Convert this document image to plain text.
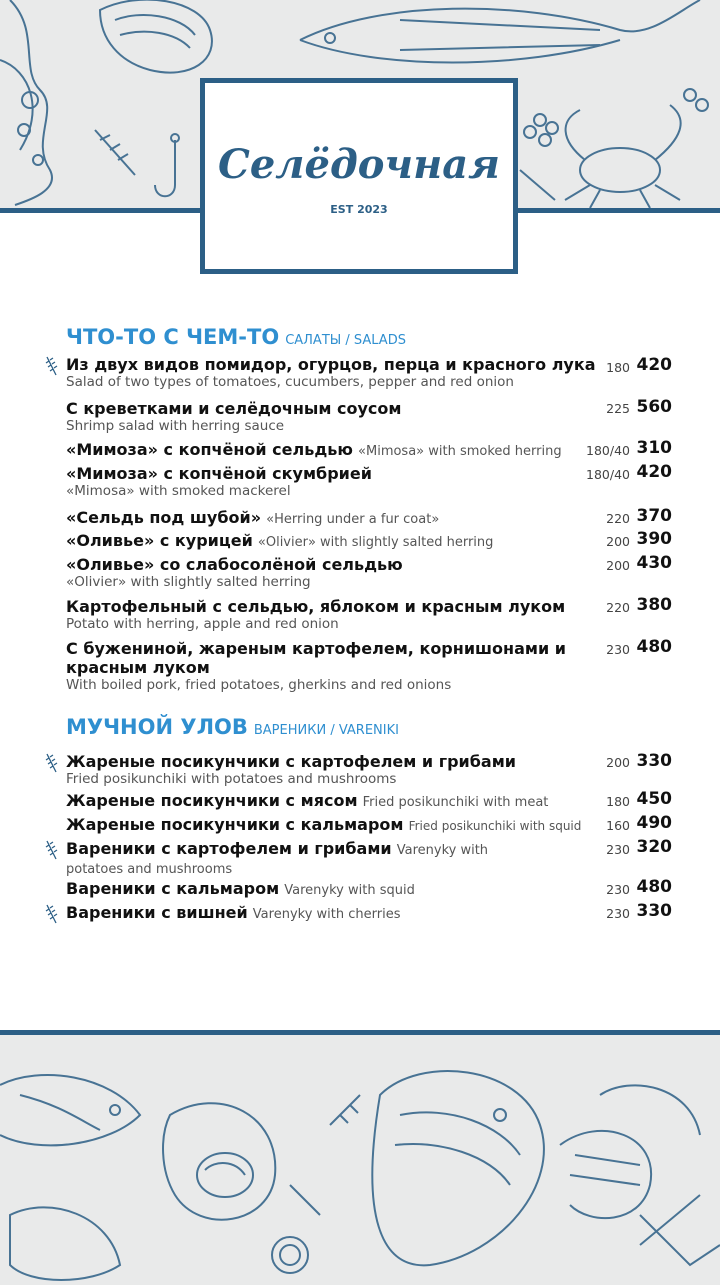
Селёдочная
EST 2023
ЧТО-ТО С ЧЕМ-ТО САЛАТЫ / SALADS
Из двух видов помидор, огурцов, перца и красного лука
Salad of two types of tomatoes, cucumbers, pepper and red onion
180 420
С креветками и селёдочным соусом
Shrimp salad with herring sauce
225 560
«Мимоза» с копчёной сельдью «Mimosa» with smoked herring	180/40 310
«Мимоза» с копчёной скумбрией
«Mimosa» with smoked mackerel
180/40 420
«Сельдь под шубой» «Herring under a fur coat»	220 370
«Оливье» с курицей «Olivier» with slightly salted herring	200 390
«Оливье» со слабосолёной сельдью
«Olivier» with slightly salted herring
200 430
Картофельный с сельдью, яблоком и красным луком
Potato with herring, apple and red onion
220 380
С бужениной, жареным картофелем, корнишонами и красным луком
With boiled pork, fried potatoes, gherkins and red onions
230 480
МУЧНОЙ УЛОВ ВАРЕНИКИ / VARENIKI
Жареные посикунчики с картофелем и грибами
Fried posikunchiki with potatoes and mushrooms
200 330
Жареные посикунчики с мясом Fried posikunchiki with meat	180 450
Жареные посикунчики с кальмаром Fried posikunchiki with squid	160 490
Вареники с картофелем и грибами Varenyky with potatoes and mushrooms
230 320
Вареники с кальмаром Varenyky with squid	230 480
Вареники с вишней Varenyky with cherries	230 330
